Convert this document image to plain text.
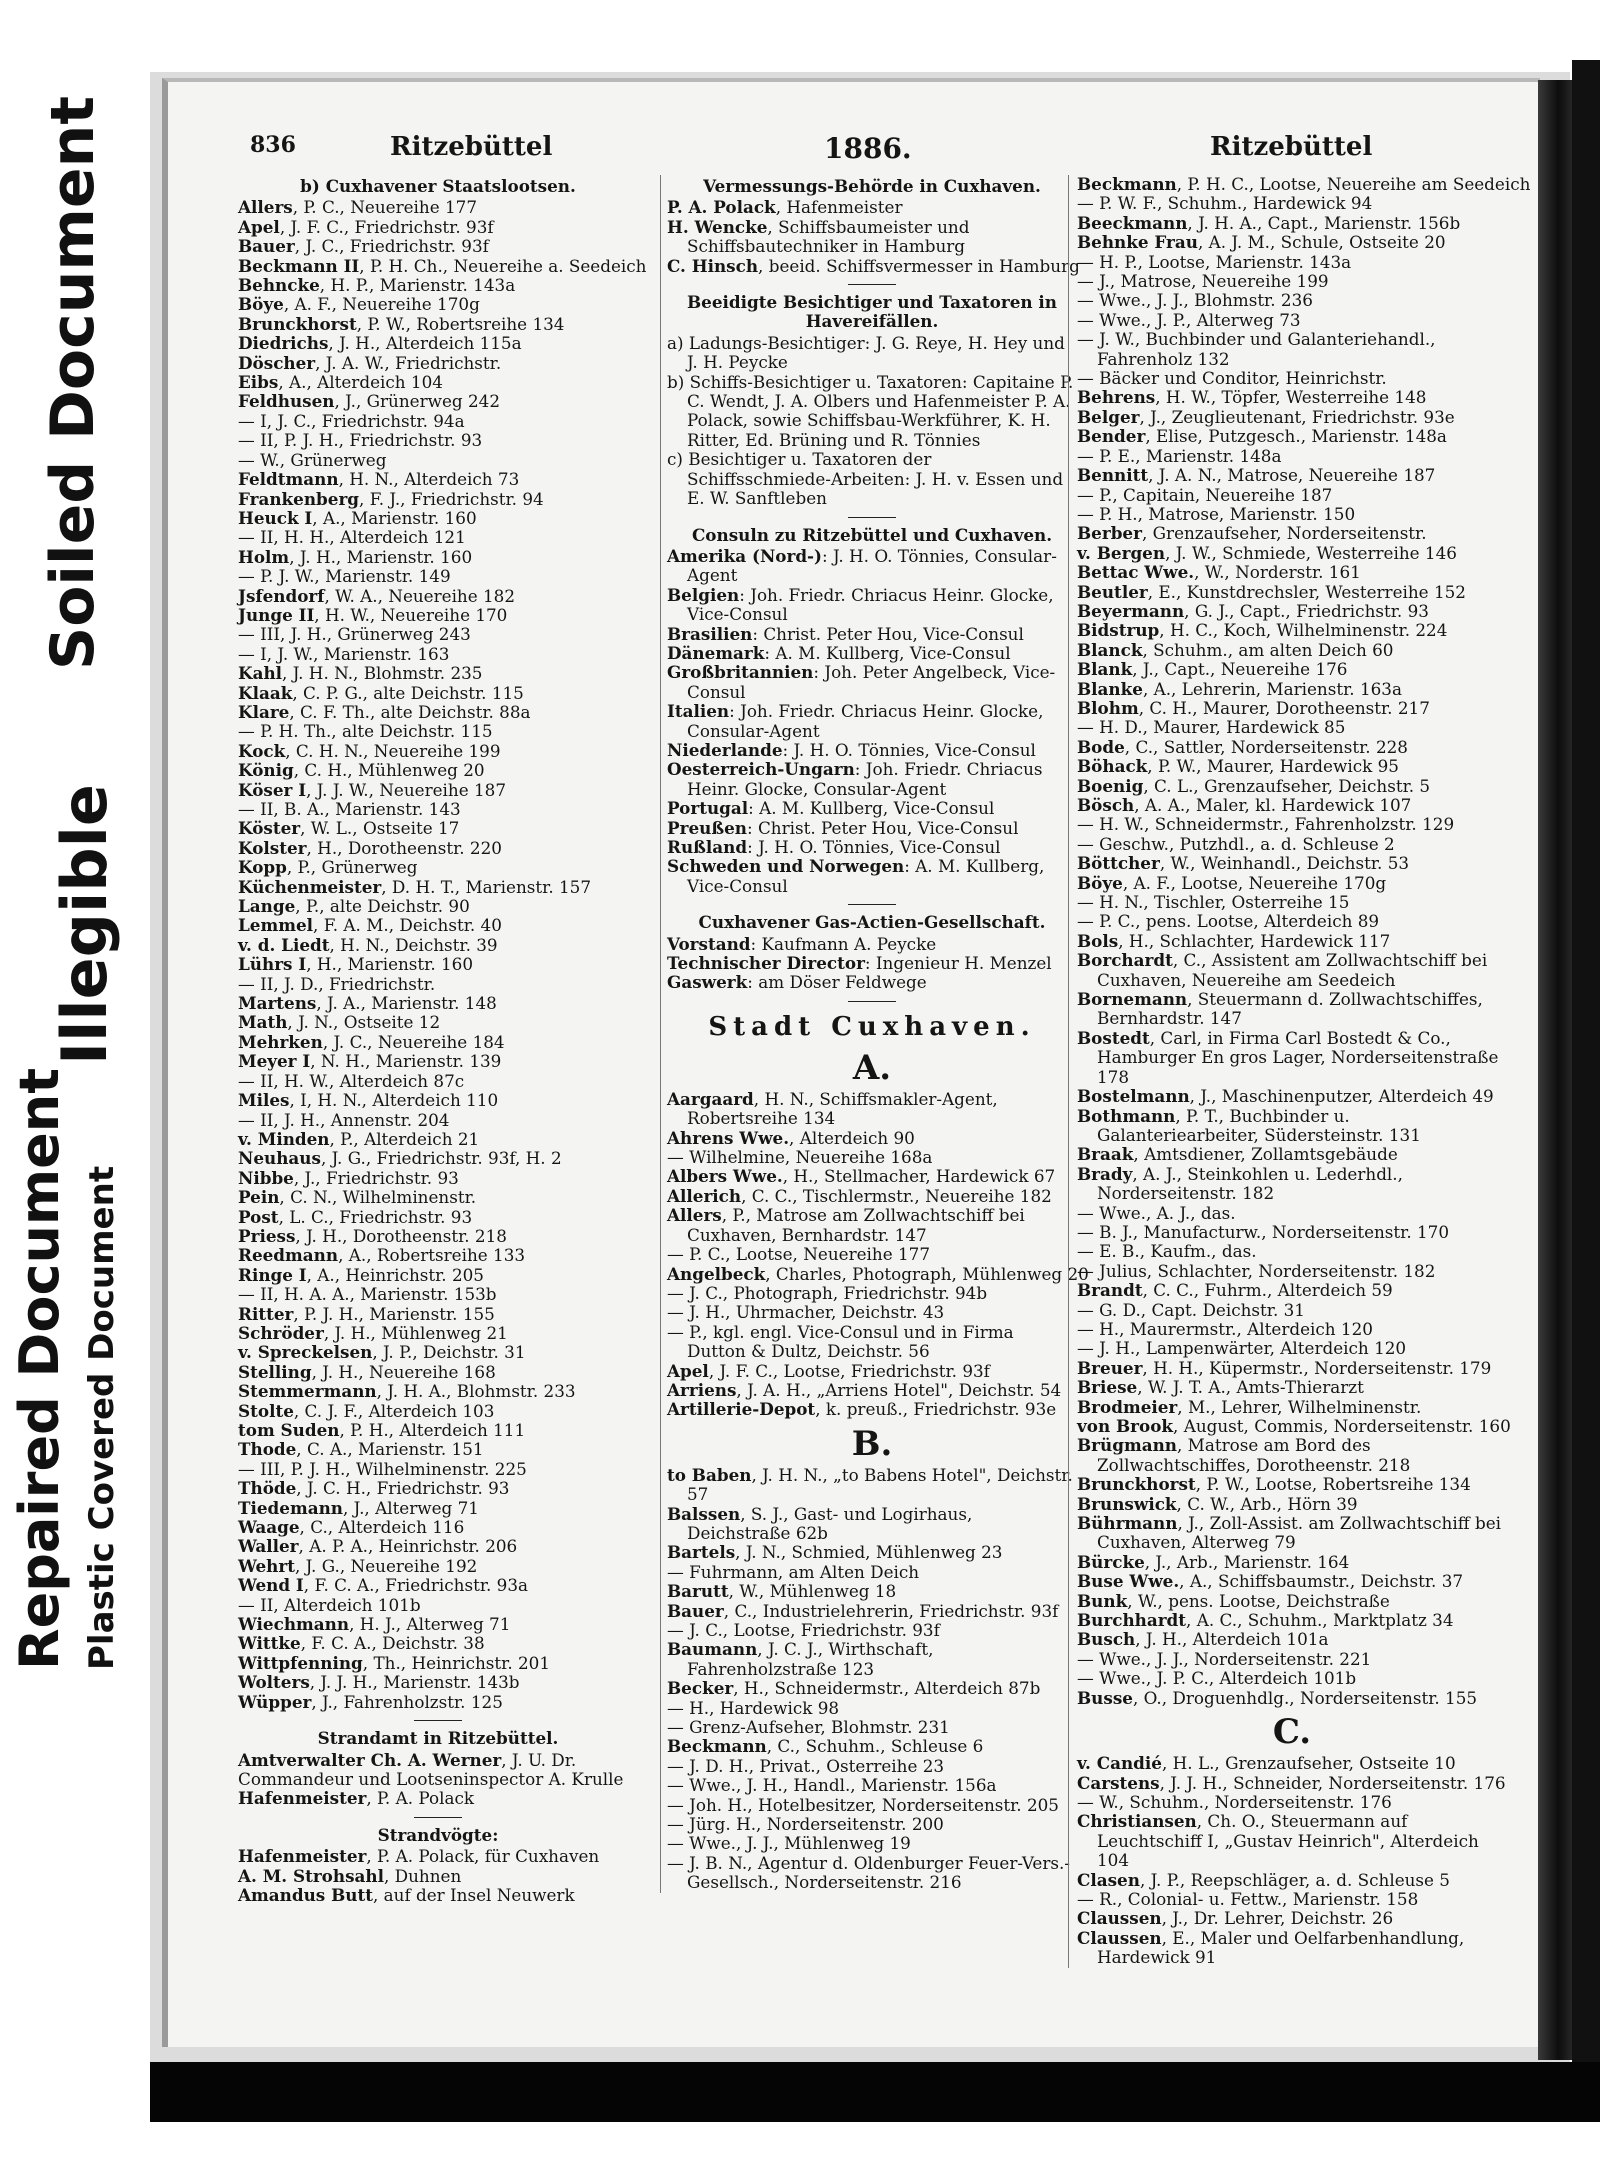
Soiled Document
Illegible
Repaired Document Plastic Covered Document
836	Ritzebüttel	1886.	Ritzebüttel
b) Cuxhavener Staatslootsen.
Allers, P. C., Neuereihe 177
Apel, J. F. C., Friedrichstr. 93f
Bauer, J. C., Friedrichstr. 93f
Beckmann II, P. H. Ch., Neuereihe a. Seedeich
Behncke, H. P., Marienstr. 143a
Böye, A. F., Neuereihe 170g
Brunckhorst, P. W., Robertsreihe 134
Diedrichs, J. H., Alterdeich 115a
Döscher, J. A. W., Friedrichstr.
Eibs, A., Alterdeich 104
Feldhusen, J., Grünerweg 242
— I, J. C., Friedrichstr. 94a
— II, P. J. H., Friedrichstr. 93
— W., Grünerweg
Feldtmann, H. N., Alterdeich 73
Frankenberg, F. J., Friedrichstr. 94
Heuck I, A., Marienstr. 160
— II, H. H., Alterdeich 121
Holm, J. H., Marienstr. 160
— P. J. W., Marienstr. 149
Jsfendorf, W. A., Neuereihe 182
Junge II, H. W., Neuereihe 170
— III, J. H., Grünerweg 243
— I, J. W., Marienstr. 163
Kahl, J. H. N., Blohmstr. 235
Klaak, C. P. G., alte Deichstr. 115
Klare, C. F. Th., alte Deichstr. 88a
— P. H. Th., alte Deichstr. 115
Kock, C. H. N., Neuereihe 199
König, C. H., Mühlenweg 20
Köser I, J. J. W., Neuereihe 187
— II, B. A., Marienstr. 143
Köster, W. L., Ostseite 17
Kolster, H., Dorotheenstr. 220
Kopp, P., Grünerweg
Küchenmeister, D. H. T., Marienstr. 157
Lange, P., alte Deichstr. 90
Lemmel, F. A. M., Deichstr. 40
v. d. Liedt, H. N., Deichstr. 39
Lührs I, H., Marienstr. 160
— II, J. D., Friedrichstr.
Martens, J. A., Marienstr. 148
Math, J. N., Ostseite 12
Mehrken, J. C., Neuereihe 184
Meyer I, N. H., Marienstr. 139
— II, H. W., Alterdeich 87c
Miles, I, H. N., Alterdeich 110
— II, J. H., Annenstr. 204
v. Minden, P., Alterdeich 21
Neuhaus, J. G., Friedrichstr. 93f, H. 2
Nibbe, J., Friedrichstr. 93
Pein, C. N., Wilhelminenstr.
Post, L. C., Friedrichstr. 93
Priess, J. H., Dorotheenstr. 218
Reedmann, A., Robertsreihe 133
Ringe I, A., Heinrichstr. 205
— II, H. A. A., Marienstr. 153b
Ritter, P. J. H., Marienstr. 155
Schröder, J. H., Mühlenweg 21
v. Spreckelsen, J. P., Deichstr. 31
Stelling, J. H., Neuereihe 168
Stemmermann, J. H. A., Blohmstr. 233
Stolte, C. J. F., Alterdeich 103
tom Suden, P. H., Alterdeich 111
Thode, C. A., Marienstr. 151
— III, P. J. H., Wilhelminenstr. 225
Thöde, J. C. H., Friedrichstr. 93
Tiedemann, J., Alterweg 71
Waage, C., Alterdeich 116
Waller, A. P. A., Heinrichstr. 206
Wehrt, J. G., Neuereihe 192
Wend I, F. C. A., Friedrichstr. 93a
— II, Alterdeich 101b
Wiechmann, H. J., Alterweg 71
Wittke, F. C. A., Deichstr. 38
Wittpfenning, Th., Heinrichstr. 201
Wolters, J. J. H., Marienstr. 143b
Wüpper, J., Fahrenholzstr. 125
Strandamt in Ritzebüttel.
Amtverwalter Ch. A. Werner, J. U. Dr.
Commandeur und Lootseninspector A. Krulle
Hafenmeister, P. A. Polack
Strandvögte:
Hafenmeister, P. A. Polack, für Cuxhaven
A. M. Strohsahl, Duhnen
Amandus Butt, auf der Insel Neuwerk
Vermessungs-Behörde in Cuxhaven.
P. A. Polack, Hafenmeister
H. Wencke, Schiffsbaumeister und Schiffsbautechniker in Hamburg
C. Hinsch, beeid. Schiffsvermesser in Hamburg
Beeidigte Besichtiger und Taxatoren in Havereifällen.
a) Ladungs-Besichtiger: J. G. Reye, H. Hey und J. H. Peycke
b) Schiffs-Besichtiger u. Taxatoren: Capitaine P. C. Wendt, J. A. Olbers und Hafenmeister P. A. Polack, sowie Schiffsbau-Werkführer, K. H. Ritter, Ed. Brüning und R. Tönnies
c) Besichtiger u. Taxatoren der Schiffsschmiede-Arbeiten: J. H. v. Essen und E. W. Sanftleben
Consuln zu Ritzebüttel und Cuxhaven.
Amerika (Nord-): J. H. O. Tönnies, Consular-Agent
Belgien: Joh. Friedr. Chriacus Heinr. Glocke, Vice-Consul
Brasilien: Christ. Peter Hou, Vice-Consul
Dänemark: A. M. Kullberg, Vice-Consul
Großbritannien: Joh. Peter Angelbeck, Vice-Consul
Italien: Joh. Friedr. Chriacus Heinr. Glocke, Consular-Agent
Niederlande: J. H. O. Tönnies, Vice-Consul
Oesterreich-Ungarn: Joh. Friedr. Chriacus Heinr. Glocke, Consular-Agent
Portugal: A. M. Kullberg, Vice-Consul
Preußen: Christ. Peter Hou, Vice-Consul
Rußland: J. H. O. Tönnies, Vice-Consul
Schweden und Norwegen: A. M. Kullberg, Vice-Consul
Cuxhavener Gas-Actien-Gesellschaft.
Vorstand: Kaufmann A. Peycke
Technischer Director: Ingenieur H. Menzel
Gaswerk: am Döser Feldwege
Stadt Cuxhaven.
A.
Aargaard, H. N., Schiffsmakler-Agent, Robertsreihe 134
Ahrens Wwe., Alterdeich 90
— Wilhelmine, Neuereihe 168a
Albers Wwe., H., Stellmacher, Hardewick 67
Allerich, C. C., Tischlermstr., Neuereihe 182
Allers, P., Matrose am Zollwachtschiff bei Cuxhaven, Bernhardstr. 147
— P. C., Lootse, Neuereihe 177
Angelbeck, Charles, Photograph, Mühlenweg 20
— J. C., Photograph, Friedrichstr. 94b
— J. H., Uhrmacher, Deichstr. 43
— P., kgl. engl. Vice-Consul und in Firma Dutton & Dultz, Deichstr. 56
Apel, J. F. C., Lootse, Friedrichstr. 93f
Arriens, J. A. H., „Arriens Hotel", Deichstr. 54
Artillerie-Depot, k. preuß., Friedrichstr. 93e
B.
to Baben, J. H. N., „to Babens Hotel", Deichstr. 57
Balssen, S. J., Gast- und Logirhaus, Deichstraße 62b
Bartels, J. N., Schmied, Mühlenweg 23
— Fuhrmann, am Alten Deich
Barutt, W., Mühlenweg 18
Bauer, C., Industrielehrerin, Friedrichstr. 93f
— J. C., Lootse, Friedrichstr. 93f
Baumann, J. C. J., Wirthschaft, Fahrenholzstraße 123
Becker, H., Schneidermstr., Alterdeich 87b
— H., Hardewick 98
— Grenz-Aufseher, Blohmstr. 231
Beckmann, C., Schuhm., Schleuse 6
— J. D. H., Privat., Osterreihe 23
— Wwe., J. H., Handl., Marienstr. 156a
— Joh. H., Hotelbesitzer, Norderseitenstr. 205
— Jürg. H., Norderseitenstr. 200
— Wwe., J. J., Mühlenweg 19
— J. B. N., Agentur d. Oldenburger Feuer-Vers.-Gesellsch., Norderseitenstr. 216
Beckmann, P. H. C., Lootse, Neuereihe am Seedeich
— P. W. F., Schuhm., Hardewick 94
Beeckmann, J. H. A., Capt., Marienstr. 156b
Behnke Frau, A. J. M., Schule, Ostseite 20
— H. P., Lootse, Marienstr. 143a
— J., Matrose, Neuereihe 199
— Wwe., J. J., Blohmstr. 236
— Wwe., J. P., Alterweg 73
— J. W., Buchbinder und Galanteriehandl., Fahrenholz 132
— Bäcker und Conditor, Heinrichstr.
Behrens, H. W., Töpfer, Westerreihe 148
Belger, J., Zeuglieutenant, Friedrichstr. 93e
Bender, Elise, Putzgesch., Marienstr. 148a
— P. E., Marienstr. 148a
Bennitt, J. A. N., Matrose, Neuereihe 187
— P., Capitain, Neuereihe 187
— P. H., Matrose, Marienstr. 150
Berber, Grenzaufseher, Norderseitenstr.
v. Bergen, J. W., Schmiede, Westerreihe 146
Bettac Wwe., W., Norderstr. 161
Beutler, E., Kunstdrechsler, Westerreihe 152
Beyermann, G. J., Capt., Friedrichstr. 93
Bidstrup, H. C., Koch, Wilhelminenstr. 224
Blanck, Schuhm., am alten Deich 60
Blank, J., Capt., Neuereihe 176
Blanke, A., Lehrerin, Marienstr. 163a
Blohm, C. H., Maurer, Dorotheenstr. 217
— H. D., Maurer, Hardewick 85
Bode, C., Sattler, Norderseitenstr. 228
Böhack, P. W., Maurer, Hardewick 95
Boenig, C. L., Grenzaufseher, Deichstr. 5
Bösch, A. A., Maler, kl. Hardewick 107
— H. W., Schneidermstr., Fahrenholzstr. 129
— Geschw., Putzhdl., a. d. Schleuse 2
Böttcher, W., Weinhandl., Deichstr. 53
Böye, A. F., Lootse, Neuereihe 170g
— H. N., Tischler, Osterreihe 15
— P. C., pens. Lootse, Alterdeich 89
Bols, H., Schlachter, Hardewick 117
Borchardt, C., Assistent am Zollwachtschiff bei Cuxhaven, Neuereihe am Seedeich
Bornemann, Steuermann d. Zollwachtschiffes, Bernhardstr. 147
Bostedt, Carl, in Firma Carl Bostedt & Co., Hamburger En gros Lager, Norderseitenstraße 178
Bostelmann, J., Maschinenputzer, Alterdeich 49
Bothmann, P. T., Buchbinder u. Galanteriearbeiter, Südersteinstr. 131
Braak, Amtsdiener, Zollamtsgebäude
Brady, A. J., Steinkohlen u. Lederhdl., Norderseitenstr. 182
— Wwe., A. J., das.
— B. J., Manufacturw., Norderseitenstr. 170
— E. B., Kaufm., das.
— Julius, Schlachter, Norderseitenstr. 182
Brandt, C. C., Fuhrm., Alterdeich 59
— G. D., Capt. Deichstr. 31
— H., Maurermstr., Alterdeich 120
— J. H., Lampenwärter, Alterdeich 120
Breuer, H. H., Küpermstr., Norderseitenstr. 179
Briese, W. J. T. A., Amts-Thierarzt
Brodmeier, M., Lehrer, Wilhelminenstr.
von Brook, August, Commis, Norderseitenstr. 160
Brügmann, Matrose am Bord des Zollwachtschiffes, Dorotheenstr. 218
Brunckhorst, P. W., Lootse, Robertsreihe 134
Brunswick, C. W., Arb., Hörn 39
Bührmann, J., Zoll-Assist. am Zollwachtschiff bei Cuxhaven, Alterweg 79
Bürcke, J., Arb., Marienstr. 164
Buse Wwe., A., Schiffsbaumstr., Deichstr. 37
Bunk, W., pens. Lootse, Deichstraße
Burchhardt, A. C., Schuhm., Marktplatz 34
Busch, J. H., Alterdeich 101a
— Wwe., J. J., Norderseitenstr. 221
— Wwe., J. P. C., Alterdeich 101b
Busse, O., Droguenhdlg., Norderseitenstr. 155
C.
v. Candié, H. L., Grenzaufseher, Ostseite 10
Carstens, J. J. H., Schneider, Norderseitenstr. 176
— W., Schuhm., Norderseitenstr. 176
Christiansen, Ch. O., Steuermann auf Leuchtschiff I, „Gustav Heinrich", Alterdeich 104
Clasen, J. P., Reepschläger, a. d. Schleuse 5
— R., Colonial- u. Fettw., Marienstr. 158
Claussen, J., Dr. Lehrer, Deichstr. 26
Claussen, E., Maler und Oelfarbenhandlung, Hardewick 91
